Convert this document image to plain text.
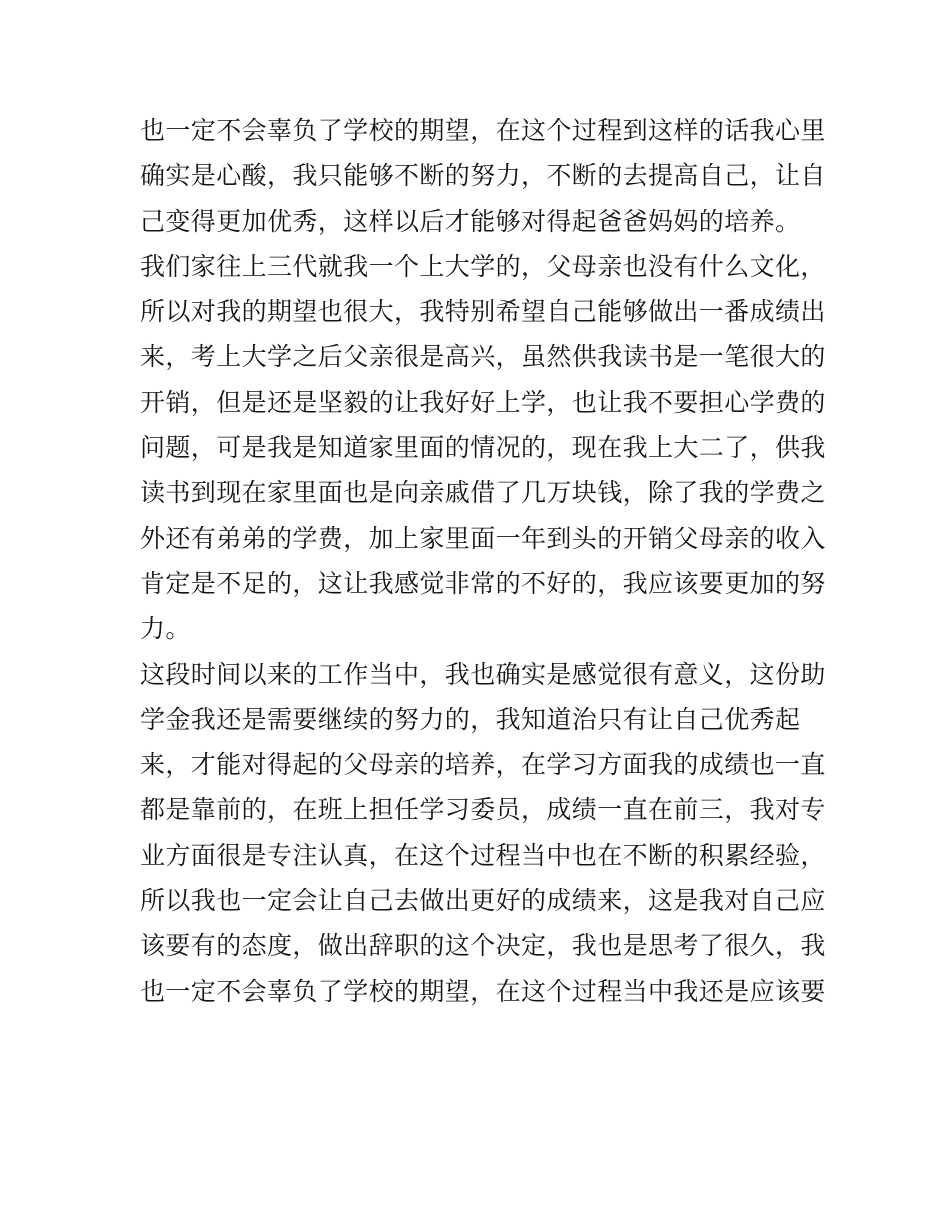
也一定不会辜负了学校的期望，在这个过程到这样的话我心里
确实是心酸，我只能够不断的努力，不断的去提高自己，让自
己变得更加优秀，这样以后才能够对得起爸爸妈妈的培养。
我们家往上三代就我一个上大学的，父母亲也没有什么文化，
所以对我的期望也很大，我特别希望自己能够做出一番成绩出
来，考上大学之后父亲很是高兴，虽然供我读书是一笔很大的
开销，但是还是坚毅的让我好好上学，也让我不要担心学费的
问题，可是我是知道家里面的情况的，现在我上大二了，供我
读书到现在家里面也是向亲戚借了几万块钱，除了我的学费之
外还有弟弟的学费，加上家里面一年到头的开销父母亲的收入
肯定是不足的，这让我感觉非常的不好的，我应该要更加的努
力。
这段时间以来的工作当中，我也确实是感觉很有意义，这份助
学金我还是需要继续的努力的，我知道治只有让自己优秀起
来，才能对得起的父母亲的培养，在学习方面我的成绩也一直
都是靠前的，在班上担任学习委员，成绩一直在前三，我对专
业方面很是专注认真，在这个过程当中也在不断的积累经验，
所以我也一定会让自己去做出更好的成绩来，这是我对自己应
该要有的态度，做出辞职的这个决定，我也是思考了很久，我
也一定不会辜负了学校的期望，在这个过程当中我还是应该要
